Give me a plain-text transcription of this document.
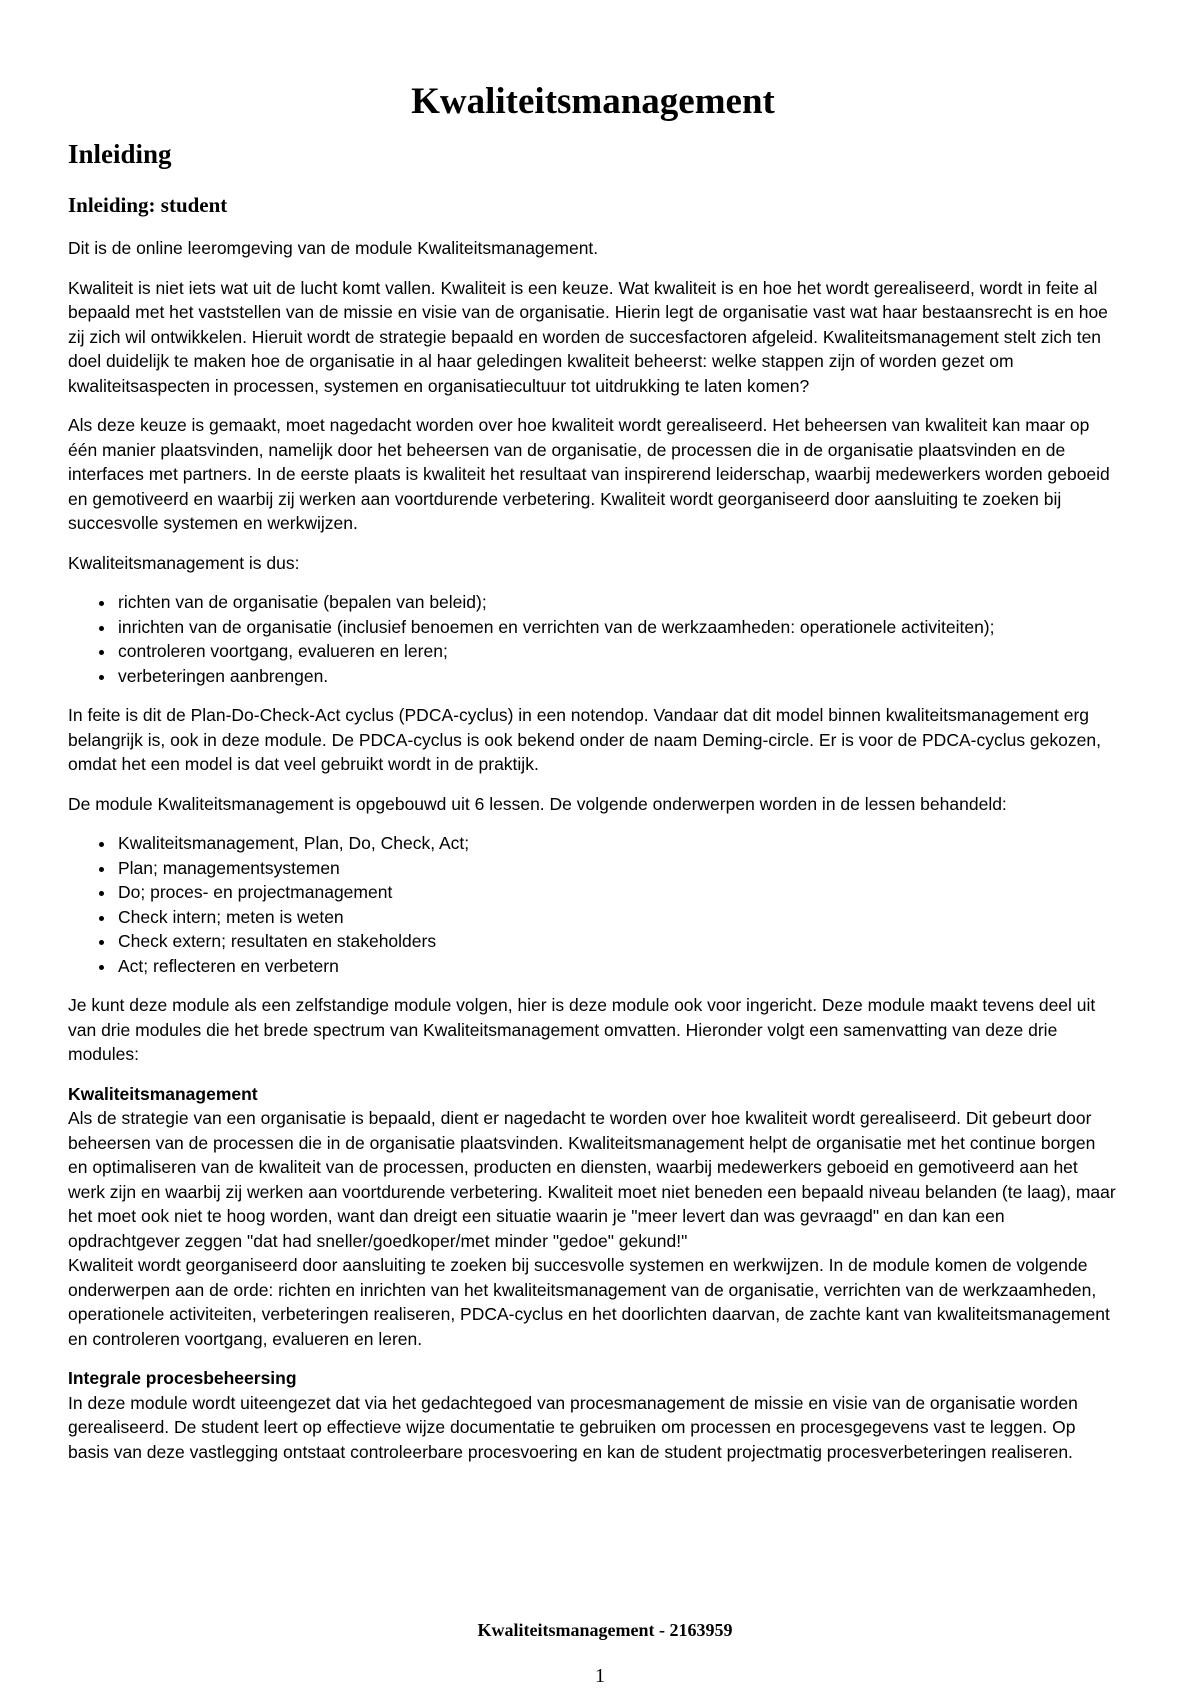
Kwaliteitsmanagement
Inleiding
Inleiding: student

Dit is de online leeromgeving van de module Kwaliteitsmanagement.

Kwaliteit is niet iets wat uit de lucht komt vallen. Kwaliteit is een keuze. Wat kwaliteit is en hoe het wordt gerealiseerd, wordt in feite al bepaald met het vaststellen van de missie en visie van de organisatie. Hierin legt de organisatie vast wat haar bestaansrecht is en hoe zij zich wil ontwikkelen. Hieruit wordt de strategie bepaald en worden de succesfactoren afgeleid. Kwaliteitsmanagement stelt zich ten doel duidelijk te maken hoe de organisatie in al haar geledingen kwaliteit beheerst: welke stappen zijn of worden gezet om kwaliteitsaspecten in processen, systemen en organisatiecultuur tot uitdrukking te laten komen?

Als deze keuze is gemaakt, moet nagedacht worden over hoe kwaliteit wordt gerealiseerd. Het beheersen van kwaliteit kan maar op één manier plaatsvinden, namelijk door het beheersen van de organisatie, de processen die in de organisatie plaatsvinden en de interfaces met partners. In de eerste plaats is kwaliteit het resultaat van inspirerend leiderschap, waarbij medewerkers worden geboeid en gemotiveerd en waarbij zij werken aan voortdurende verbetering. Kwaliteit wordt georganiseerd door aansluiting te zoeken bij succesvolle systemen en werkwijzen.

Kwaliteitsmanagement is dus:

• richten van de organisatie (bepalen van beleid);
• inrichten van de organisatie (inclusief benoemen en verrichten van de werkzaamheden: operationele activiteiten);
• controleren voortgang, evalueren en leren;
• verbeteringen aanbrengen.

In feite is dit de Plan-Do-Check-Act cyclus (PDCA-cyclus) in een notendop. Vandaar dat dit model binnen kwaliteitsmanagement erg belangrijk is, ook in deze module. De PDCA-cyclus is ook bekend onder de naam Deming-circle. Er is voor de PDCA-cyclus gekozen, omdat het een model is dat veel gebruikt wordt in de praktijk.

De module Kwaliteitsmanagement is opgebouwd uit 6 lessen. De volgende onderwerpen worden in de lessen behandeld:

• Kwaliteitsmanagement, Plan, Do, Check, Act;
• Plan; managementsystemen
• Do; proces- en projectmanagement
• Check intern; meten is weten
• Check extern; resultaten en stakeholders
• Act; reflecteren en verbetern

Je kunt deze module als een zelfstandige module volgen, hier is deze module ook voor ingericht. Deze module maakt tevens deel uit van drie modules die het brede spectrum van Kwaliteitsmanagement omvatten. Hieronder volgt een samenvatting van deze drie modules:

Kwaliteitsmanagement
Als de strategie van een organisatie is bepaald, dient er nagedacht te worden over hoe kwaliteit wordt gerealiseerd. Dit gebeurt door beheersen van de processen die in de organisatie plaatsvinden. Kwaliteitsmanagement helpt de organisatie met het continue borgen en optimaliseren van de kwaliteit van de processen, producten en diensten, waarbij medewerkers geboeid en gemotiveerd aan het werk zijn en waarbij zij werken aan voortdurende verbetering. Kwaliteit moet niet beneden een bepaald niveau belanden (te laag), maar het moet ook niet te hoog worden, want dan dreigt een situatie waarin je "meer levert dan was gevraagd" en dan kan een opdrachtgever zeggen "dat had sneller/goedkoper/met minder "gedoe" gekund!"
Kwaliteit wordt georganiseerd door aansluiting te zoeken bij succesvolle systemen en werkwijzen. In de module komen de volgende onderwerpen aan de orde: richten en inrichten van het kwaliteitsmanagement van de organisatie, verrichten van de werkzaamheden, operationele activiteiten, verbeteringen realiseren, PDCA-cyclus en het doorlichten daarvan, de zachte kant van kwaliteitsmanagement en controleren voortgang, evalueren en leren.
Integrale procesbeheersing
In deze module wordt uiteengezet dat via het gedachtegoed van procesmanagement de missie en visie van de organisatie worden gerealiseerd. De student leert op effectieve wijze documentatie te gebruiken om processen en procesgegevens vast te leggen. Op basis van deze vastlegging ontstaat controleerbare procesvoering en kan de student projectmatig procesverbeteringen realiseren.
Kwaliteitsmanagement - 2163959
1
